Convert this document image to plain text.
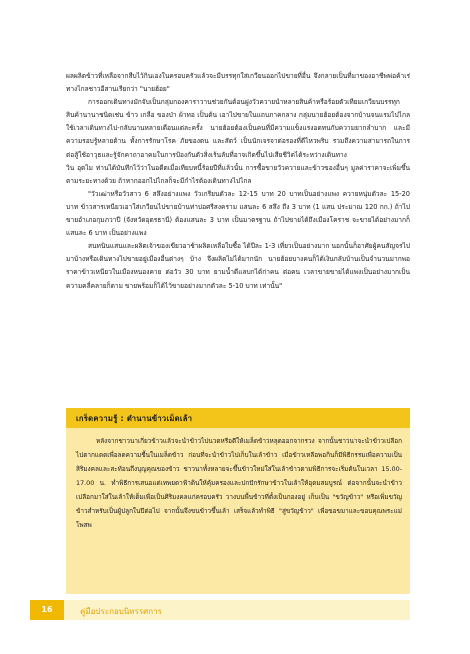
ผลผลิตข้าวที่เหลือจากสืบไว้กินเองในครอบครัวแล้วจะมีบรรทุกใส่เกวียนออกไปขายที่อื่น จึงกลายเป็นที่มาของอาชีพพ่อค้าเร่ทางไกลชาวอีสานเรียกว่า "นายฮ้อย"

การออกเดินทางมักจับเป็นกลุ่มกองคาราวานช่วยกันต้อนฝูงวัวควายนำหลายสินค้าหรือร้อยตัวเทียมเกวียนบรรทุกสินค้านานาชนิดเช่น ข้าว เกลือ ของป่า ผ้าทอ เป็นต้น เอาไปขายในแถบภาคกลาง กลุ่มนายฮ้อยต้องจากบ้านจนแรมไปไกลใช้เวลาเดินทางไป-กลับนานหลายเดือนแต่ละครั้ง นายฮ้อยต้องเป็นคนที่มีความแข็งแรงอดทนกับความยากลำบาก และมีความรอบรู้หลายด้าน ทั้งการรักษาโรค ภัยของตน และสัตว์ เป็นนักเจรจาต่อรองที่ดีไหวพริบ รวมถึงความสามารถในการต่อสู้ใช้อาวุธและรู้จักคาถาอาคมในการป้องกันตัวสิ่งเร้นลับที่อาจเกิดขึ้นไปเสียชีวิตได้ระหว่างเดินทาง

วิน อุตไม ท่านได้บันทึกไว้ว่าในอดีตเมื่อเทียบหนี้ร้อยปีที่แล้วนั้น การซื้อขายวัวควายและข้าวของอื่นๆ มูลค่าราคาจะเพิ่มขึ้นตามระยะทางด้วย ถ้าหากออกไปไกลก็จะมีกำไรต้องเดินทางไปไกล

"วัวเฒ่าหรือวัวสาว 6 สลึงอย่างแพง วัวเกรียนตัวละ 12-15 บาท 20 บาทเป็นอย่างแพง ควายหนุ่มตัวละ 15-20 บาท ข้าวสารเหนียวเอาใส่เกวียนไปขายบ้านท่าบ่อศรีสงคราม แสนละ 6 สลึง ถึง 3 บาท (1 แสน ประมาณ 120 กก.) ถ้าไปขายอำเภอกุมภวาปี (จังหวัดอุดรธานี) ต้องแสนละ 3 บาท เป็นมาตรฐาน ถ้าไปขายได้ถึงเมืองโคราช จะขายได้อย่างมากก็แสนละ 6 บาท เป็นอย่างแพง

สนทนินแสนและผลิตเจ้าของเขียวอาช้าผลิตเหลือใบซื้อ ได้ปีละ 1-3 เที่ยวเป็นอย่างมาก นอกนั้นก็อาศัยผู้คนสัญจรไปมาบ้างหรือเดินทางไปขายอยู่เมืองอื่นต่างๆ บ้าง จึงผลิตไม่ได้มากนัก นายฮ้อยบางคนก็ได้เงินกลับบ้านเป็นจำนวนมากพอ ราคาข้าวเหนียวในเมืองหนองคาย ต่อวัว 30 บาท ยามน้ำดีแลบกได้ก่าคน ต่อคน เวลาขายขายได้แพงเป็นอย่างมากเป็นความคลี่คลายก็ตาม ขายพร้อมก็ได้ไว้ขายอย่างมากตัวละ 5-10 บาท เท่านั้น"

เกร็ดความรู้ : ตำนานข้าวเม็ดเล้า

หลังจากชาวนาเกี่ยวข้าวแล้วจะนำข้าวไปนวดหรือตีให้เมล็ดข้าวหลุดออกจากรวง จากนั้นชาวนาจะนำข้าวเปลือกไปตากแดดเพื่อลดความชื้นในเมล็ดข้าว ก่อนที่จะนำข้าวไปเก็บในเล้าข้าว เมื่อข้าวเหลือพอกินก็มีพิธีกรรมเพื่อความเป็นสิริมงคลและสะท้อนถึงบุญคุณของข้าว ชาวนาทั้งหลายจะขึ้นข้าวใหม่ใส่ในเล้าข้าวตามพิธีการจะเริ่มต้นในเวลา 15.00-17.00 น. ทำพิธีการเสนอแด่เทพยดาฟ้าดินให้คุ้มครองและปกปักรักษาข้าวในเล้าให้อุดมสมบูรณ์ ต่อจากนั้นจะนำข้าวเปลือกมาใส่ในเล้าให้เต็มเพื่อเป็นศิริมงคลแก่ครอบครัว วางบนพื้นข้าวที่ตั้งเป็นกองอยู่ เก็บเป็น "ขวัญข้าว" หรือเพิ่มขวัญข้าวสำหรับเป็นผู้ปลูกในปีต่อไป จากนั้นจึงขนข้าวขึ้นเล้า เสร็จแล้วทำพิธี "สู่ขวัญข้าว" เพื่อขอขมาและขอบคุณพระแม่โพสพ

16	คู่มือประกอบนิทรรศการ
